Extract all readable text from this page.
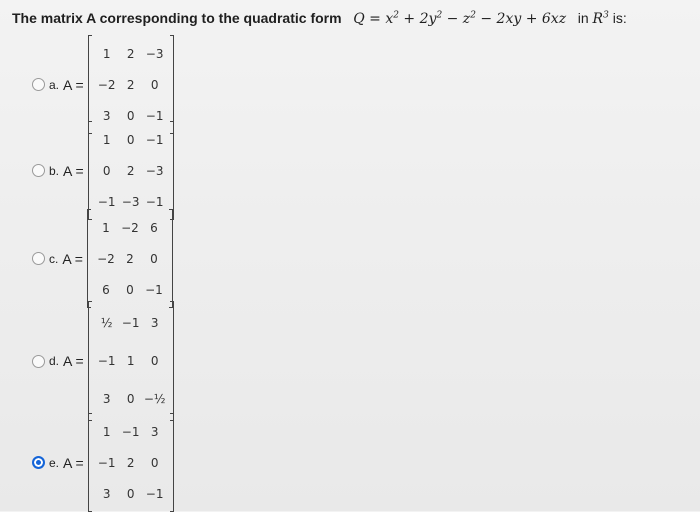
The matrix A corresponding to the quadratic form $Q = x^2 + 2y^2 - z^2 - 2xy + 6xz$ in $R^3$ is:
a. A =
1	2	−3
−2	2	0
3	0	−1
b. A =
1	0	−1
0	2	−3
−1	−3	−1
c. A =
1	−2	6
−2	2	0
6	0	−1
d. A =
½	−1	3
−1	1	0
3	0	−½
e. A =
1	−1	3
−1	2	0
3	0	−1
